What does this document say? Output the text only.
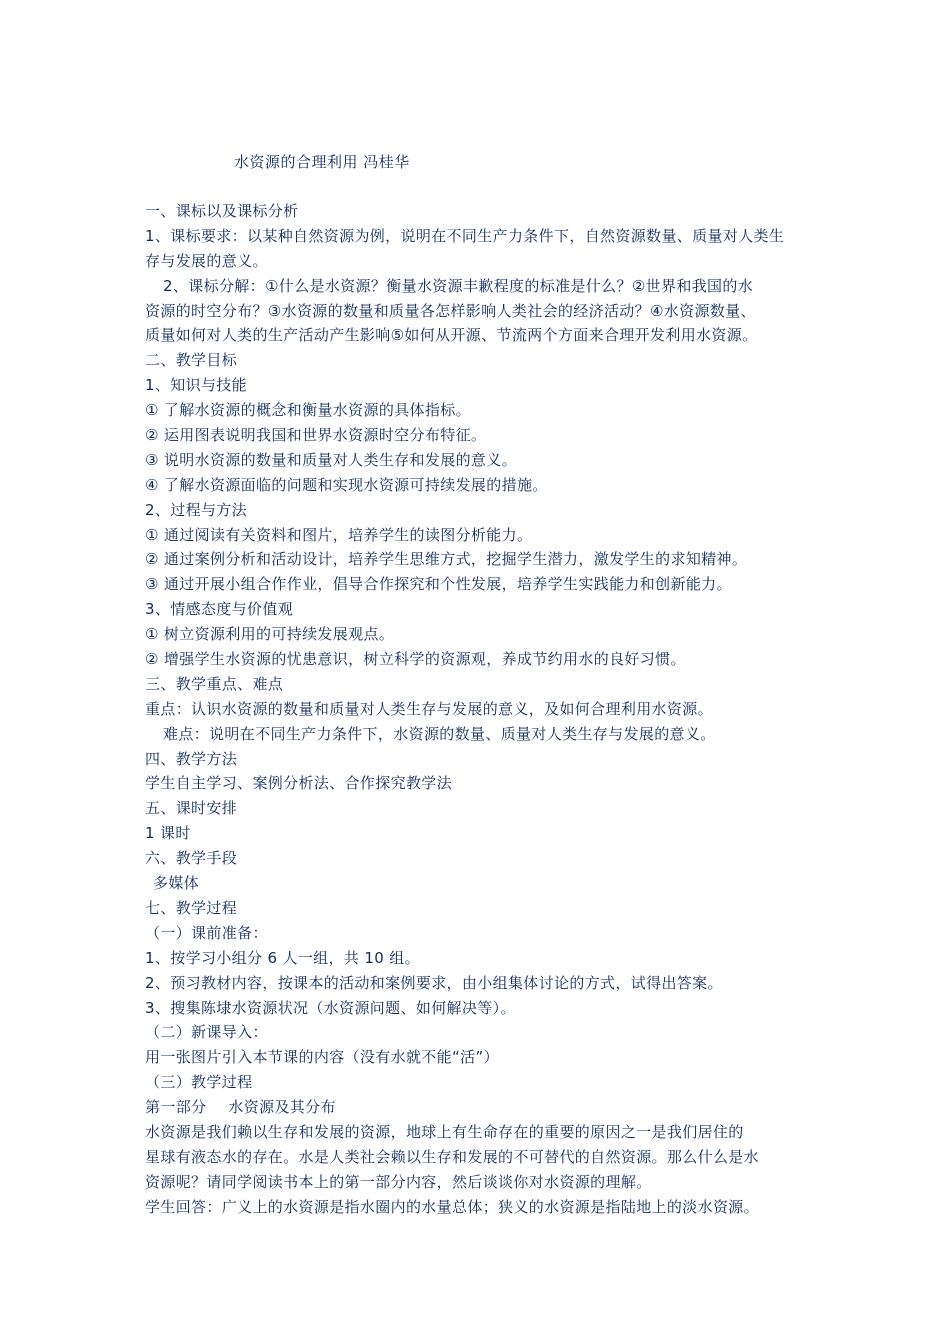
水资源的合理利用 冯桂华
一、课标以及课标分析
1、课标要求：以某种自然资源为例，说明在不同生产力条件下，自然资源数量、质量对人类生
存与发展的意义。
2、课标分解：①什么是水资源？衡量水资源丰歉程度的标准是什么？②世界和我国的水
资源的时空分布？③水资源的数量和质量各怎样影响人类社会的经济活动？④水资源数量、
质量如何对人类的生产活动产生影响⑤如何从开源、节流两个方面来合理开发利用水资源。
二、教学目标
1、知识与技能
① 了解水资源的概念和衡量水资源的具体指标。
② 运用图表说明我国和世界水资源时空分布特征。
③ 说明水资源的数量和质量对人类生存和发展的意义。
④ 了解水资源面临的问题和实现水资源可持续发展的措施。
2、过程与方法
① 通过阅读有关资料和图片，培养学生的读图分析能力。
② 通过案例分析和活动设计，培养学生思维方式，挖掘学生潜力，激发学生的求知精神。
③ 通过开展小组合作作业，倡导合作探究和个性发展，培养学生实践能力和创新能力。
3、情感态度与价值观
① 树立资源利用的可持续发展观点。
② 增强学生水资源的忧患意识，树立科学的资源观，养成节约用水的良好习惯。
三、教学重点、难点
重点：认识水资源的数量和质量对人类生存与发展的意义，及如何合理利用水资源。
难点：说明在不同生产力条件下，水资源的数量、质量对人类生存与发展的意义。
四、教学方法
学生自主学习、案例分析法、合作探究教学法
五、课时安排
1 课时
六、教学手段
多媒体
七、教学过程
（一）课前准备：
1、按学习小组分 6 人一组，共 10 组。
2、预习教材内容，按课本的活动和案例要求，由小组集体讨论的方式，试得出答案。
3、搜集陈埭水资源状况（水资源问题、如何解决等）。
（二）新课导入：
用一张图片引入本节课的内容（没有水就不能“活”）
（三）教学过程
第一部分 水资源及其分布
水资源是我们赖以生存和发展的资源，地球上有生命存在的重要的原因之一是我们居住的
星球有液态水的存在。水是人类社会赖以生存和发展的不可替代的自然资源。那么什么是水
资源呢？请同学阅读书本上的第一部分内容，然后谈谈你对水资源的理解。
学生回答：广义上的水资源是指水圈内的水量总体；狭义的水资源是指陆地上的淡水资源。
